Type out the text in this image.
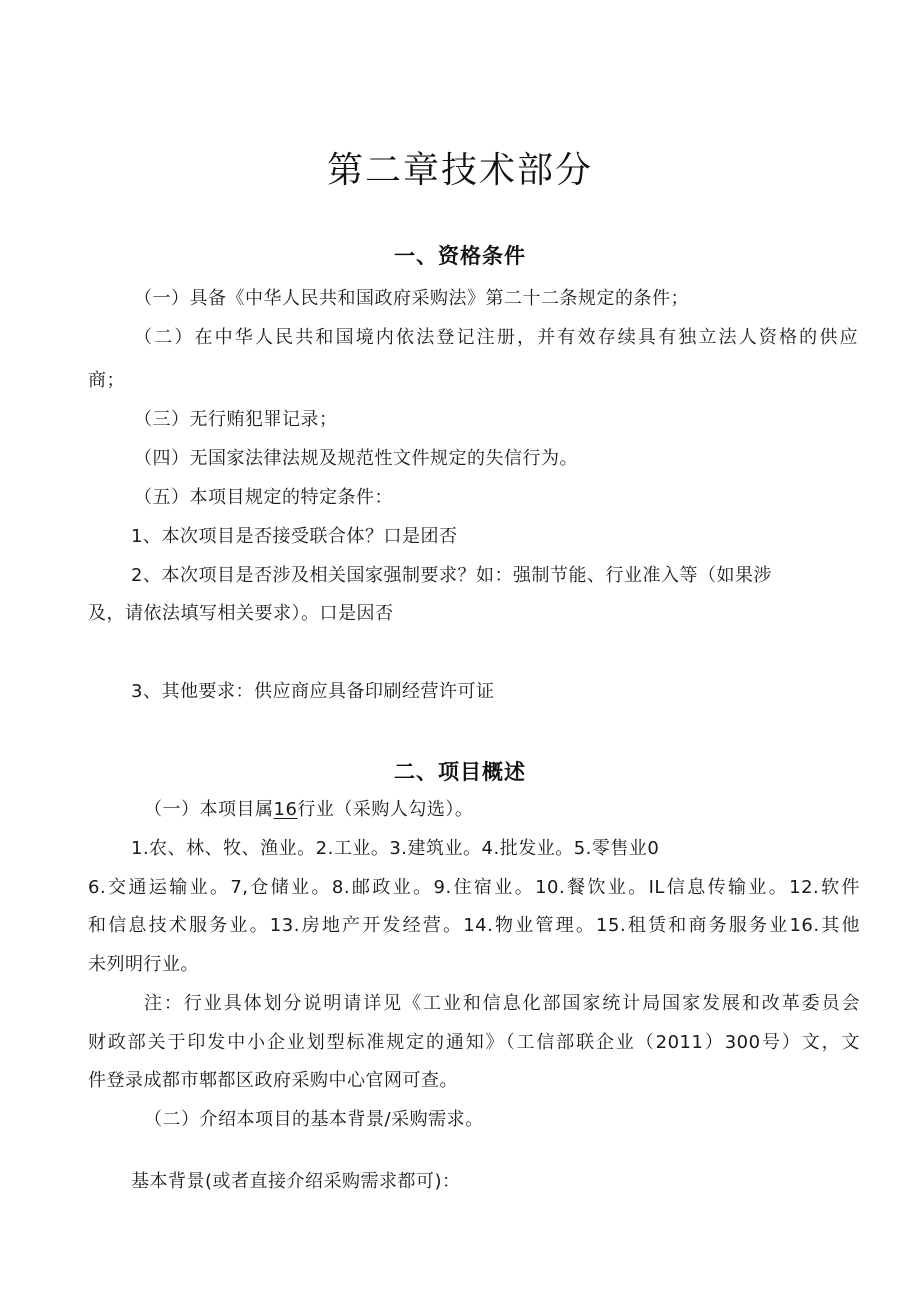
第二章技术部分
一、资格条件
（一）具备《中华人民共和国政府采购法》第二十二条规定的条件；
（二）在中华人民共和国境内依法登记注册，并有效存续具有独立法人资格的供应
商；
（三）无行贿犯罪记录；
（四）无国家法律法规及规范性文件规定的失信行为。
（五）本项目规定的特定条件：
1、本次项目是否接受联合体？口是团否
2、本次项目是否涉及相关国家强制要求？如：强制节能、行业准入等（如果涉
及，请依法填写相关要求）。口是因否
3、其他要求：供应商应具备印刷经营许可证
二、项目概述
（一）本项目属16行业（采购人勾选）。
1.农、林、牧、渔业。2.工业。3.建筑业。4.批发业。5.零售业0
6.交通运输业。7,仓储业。8.邮政业。9.住宿业。10.餐饮业。IL信息传输业。12.软件
和信息技术服务业。13.房地产开发经营。14.物业管理。15.租赁和商务服务业16.其他
未列明行业。
注：行业具体划分说明请详见《工业和信息化部国家统计局国家发展和改革委员会
财政部关于印发中小企业划型标准规定的通知》（工信部联企业（2011）300号）文，文
件登录成都市郫都区政府采购中心官网可查。
（二）介绍本项目的基本背景/采购需求。
基本背景(或者直接介绍采购需求都可)：
